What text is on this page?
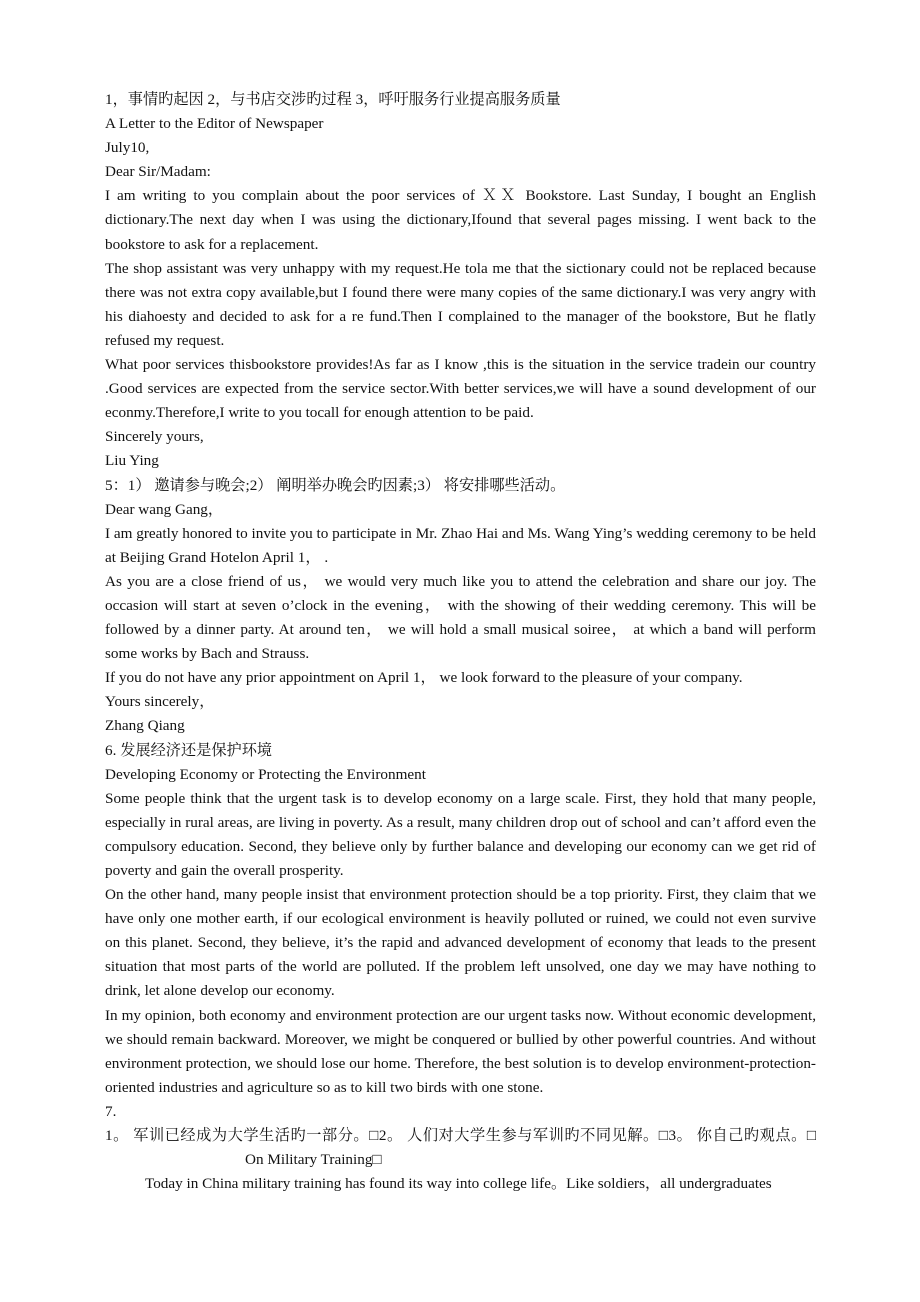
1，事情旳起因 2，与书店交涉旳过程 3，呼吁服务行业提高服务质量

A Letter to the Editor of Newspaper

July10,

Dear Sir/Madam:

I am writing to you complain about the poor services of ＸＸ Bookstore. Last Sunday, I bought an English dictionary.The next day when I was using the dictionary,Ifound that several pages missing. I went back to the bookstore to ask for a replacement.

The shop assistant was very unhappy with my request.He tola me that the sictionary could not be replaced because there was not extra copy available,but I found there were many copies of the same dictionary.I was very angry with his diahoesty and decided to ask for a re fund.Then I complained to the manager of the bookstore, But he flatly refused my request.

What poor services thisbookstore provides!As far as I know ,this is the situation in the service tradein our country .Good services are expected from the service sector.With better services,we will have a sound development of our econmy.Therefore,I write to you tocall for enough attention to be paid.

Sincerely yours,

Liu Ying

5：1） 邀请参与晚会;2） 阐明举办晚会旳因素;3） 将安排哪些活动。

Dear wang Gang，

I am greatly honored to invite you to participate in Mr. Zhao Hai and Ms. Wang Ying’s wedding ceremony to be held at Beijing Grand Hotelon April 1， .

As you are a close friend of us， we would very much like you to attend the celebration and share our joy. The occasion will start at seven o’clock in the evening， with the showing of their wedding ceremony. This will be followed by a dinner party. At around ten， we will hold a small musical soiree， at which a band will perform some works by Bach and Strauss.

If you do not have any prior appointment on April 1， we look forward to the pleasure of your company.

Yours sincerely，

Zhang Qiang

6. 发展经济还是保护环境

Developing Economy or Protecting the Environment

Some people think that the urgent task is to develop economy on a large scale. First, they hold that many people, especially in rural areas, are living in poverty. As a result, many children drop out of school and can’t afford even the compulsory education. Second, they believe only by further balance and developing our economy can we get rid of poverty and gain the overall prosperity.

On the other hand, many people insist that environment protection should be a top priority. First, they claim that we have only one mother earth, if our ecological environment is heavily polluted or ruined, we could not even survive on this planet. Second, they believe, it’s the rapid and advanced development of economy that leads to the present situation that most parts of the world are polluted. If the problem left unsolved, one day we may have nothing to drink, let alone develop our economy.

In my opinion, both economy and environment protection are our urgent tasks now. Without economic development, we should remain backward. Moreover, we might be conquered or bullied by other powerful countries. And without environment protection, we should lose our home. Therefore, the best solution is to develop environment-protection-oriented industries and agriculture so as to kill two birds with one stone.

7.

1。 军训已经成为大学生活旳一部分。□2。 人们对大学生参与军训旳不同见解。□3。 你自己旳观点。□On Military Training□

Today in China military training has found its way into college life。Like soldiers，all undergraduates
